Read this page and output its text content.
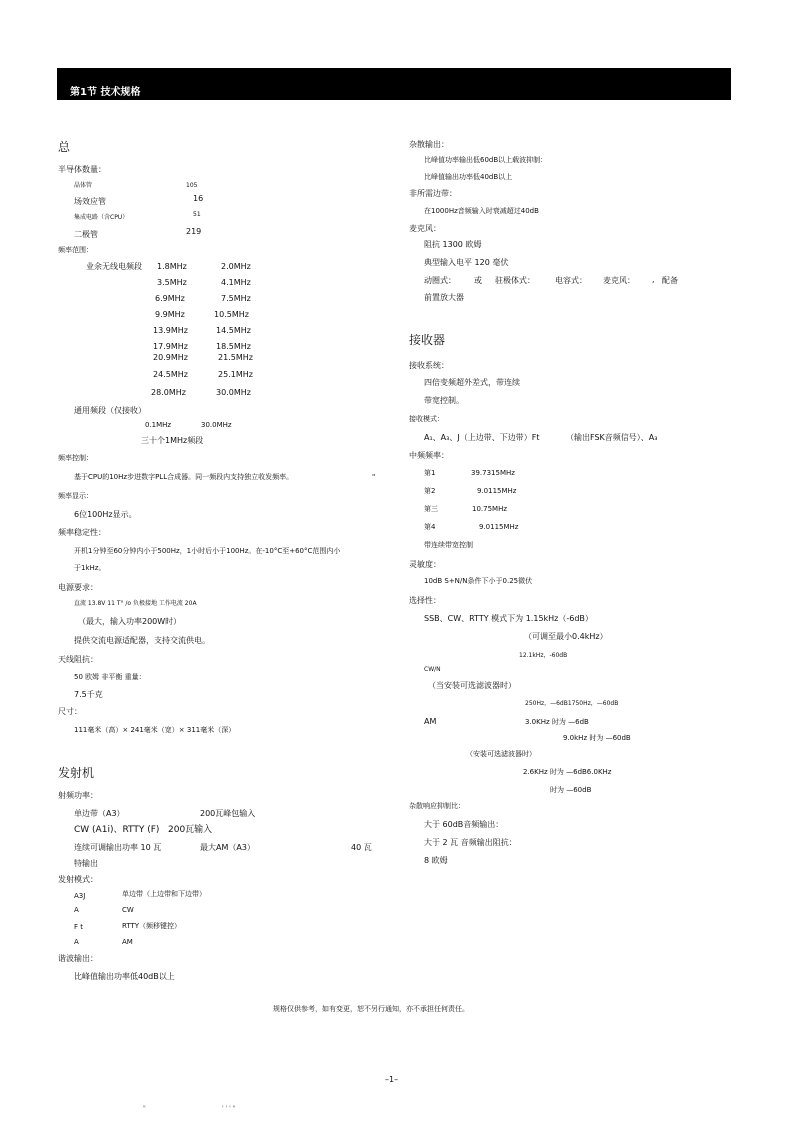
第1节 技术规格
总
半导体数量：
晶体管	105
场效应管	16
集成电路（含CPU）	51
二极管	219
频率范围：
业余无线电频段 1.8MHz	2.0MHz
3.5MHz	4.1MHz
6.9MHz	7.5MHz
9.9MHz	10.5MHz
13.9MHz	14.5MHz
17.9MHz	18.5MHz
20.9MHz	21.5MHz
24.5MHz	25.1MHz
28.0MHz	30.0MHz
通用频段（仅接收）
0.1MHz	30.0MHz
三十个1MHz频段
频率控制：
基于CPU的10Hz步进数字PLL合成器。同一频段内支持独立收发频率。	"
频率显示：
6位100Hz显示。
频率稳定性：
开机1分钟至60分钟内小于500Hz，1小时后小于100Hz。在-10°C至+60°C范围内小
于1kHz。
电源要求：
直流 13.8V 11 T° /o 负极接地 工作电流 20A
（最大，输入功率200W时）
提供交流电源适配器，支持交流供电。
天线阻抗：
50 欧姆 非平衡 重量：
7.5千克
尺寸：
111毫米（高）× 241毫米（宽）× 311毫米（深）
发射机
射频功率：
单边带（A3）	200瓦峰包输入
CW (A1i)、RTTY (F) 200瓦输入
连续可调输出功率 10 瓦	最大AM（A3）	40 瓦
特输出
发射模式：
A3J	单边带（上边带和下边带）
A	CW
F t	RTTY（频移键控）
A	AM
谐波输出：
比峰值输出功率低40dB以上
杂散输出：
比峰值功率输出低60dB以上载波抑制：
比峰值输出功率低40dB以上
非所需边带：
在1000Hz音频输入时衰减超过40dB
麦克风：
阻抗 1300 欧姆
典型输入电平 120 毫伏
动圈式： 或 驻极体式：	电容式： 麦克风： , 配备
前置放大器
接收器
接收系统：
四倍变频超外差式，带连续
带宽控制。
接收模式：
A₁、A₃、J（上边带、下边带）Ft	（输出FSK音频信号）、A₃
中频频率：
第1	39.7315MHz
第2	9.0115MHz
第三	10.75MHz
第4	9.0115MHz
带连续带宽控制
灵敏度：
10dB S+N/N条件下小于0.25微伏
选择性：
SSB、CW、RTTY 模式下为 1.15kHz（-6dB）
（可调至最小0.4kHz）
12.1kHz，-60dB
CW/N
（当安装可选滤波器时）
250Hz，—6dB1750Hz，—60dB
AM	3.0KHz 时为 —6dB
9.0kHz 时为 —60dB
（安装可选滤波器时）
2.6KHz 时为 —6dB6.0KHz
时为 —60dB
杂散响应抑制比：
大于 60dB音频输出：
大于 2 瓦 音频输出阻抗：
8 欧姆
规格仅供参考，如有变更，恕不另行通知，亦不承担任何责任。
–1–
"	' ' ' "
